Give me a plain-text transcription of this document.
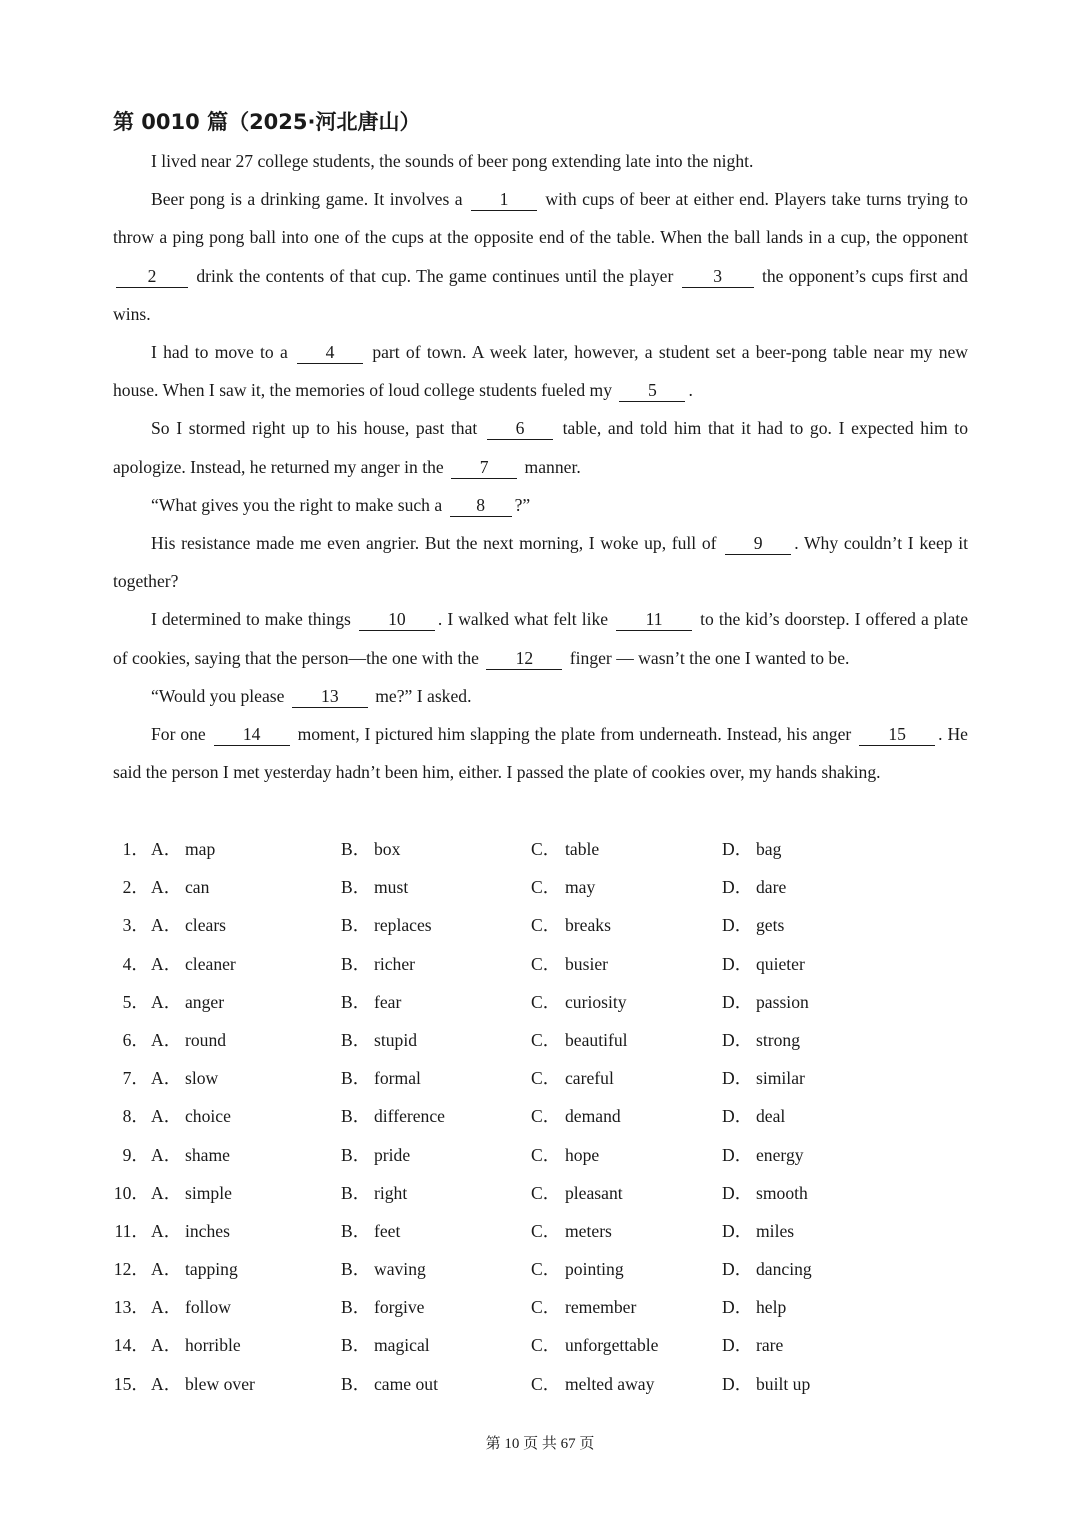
第 0010 篇（2025·河北唐山）

I lived near 27 college students, the sounds of beer pong extending late into the night.

Beer pong is a drinking game. It involves a 1 with cups of beer at either end. Players take turns trying to throw a ping pong ball into one of the cups at the opposite end of the table. When the ball lands in a cup, the opponent 2 drink the contents of that cup. The game continues until the player 3 the opponent’s cups first and wins.

I had to move to a 4 part of town. A week later, however, a student set a beer-pong table near my new house. When I saw it, the memories of loud college students fueled my 5 .

So I stormed right up to his house, past that 6 table, and told him that it had to go. I expected him to apologize. Instead, he returned my anger in the 7 manner.

“What gives you the right to make such a 8 ?”

His resistance made me even angrier. But the next morning, I woke up, full of 9 . Why couldn’t I keep it together?

I determined to make things 10 . I walked what felt like 11 to the kid’s doorstep. I offered a plate of cookies, saying that the person—the one with the 12 finger — wasn’t the one I wanted to be.

“Would you please 13 me?” I asked.

For one 14 moment, I pictured him slapping the plate from underneath. Instead, his anger 15 . He said the person I met yesterday hadn’t been him, either. I passed the plate of cookies over, my hands shaking.

1． A． map	B． box	C． table	D． bag
2． A． can	B． must	C． may	D． dare
3． A． clears	B． replaces	C． breaks	D． gets
4． A． cleaner	B． richer	C． busier	D． quieter
5． A． anger	B． fear	C． curiosity	D． passion
6． A． round	B． stupid	C． beautiful	D． strong
7． A． slow	B． formal	C． careful	D． similar
8． A． choice	B． difference	C． demand	D． deal
9． A． shame	B． pride	C． hope	D． energy
10． A． simple	B． right	C． pleasant	D． smooth
11． A． inches	B． feet	C． meters	D． miles
12． A． tapping	B． waving	C． pointing	D． dancing
13． A． follow	B． forgive	C． remember	D． help
14． A． horrible	B． magical	C． unforgettable	D． rare
15． A． blew over	B． came out	C． melted away	D． built up
第 10 页 共 67 页
